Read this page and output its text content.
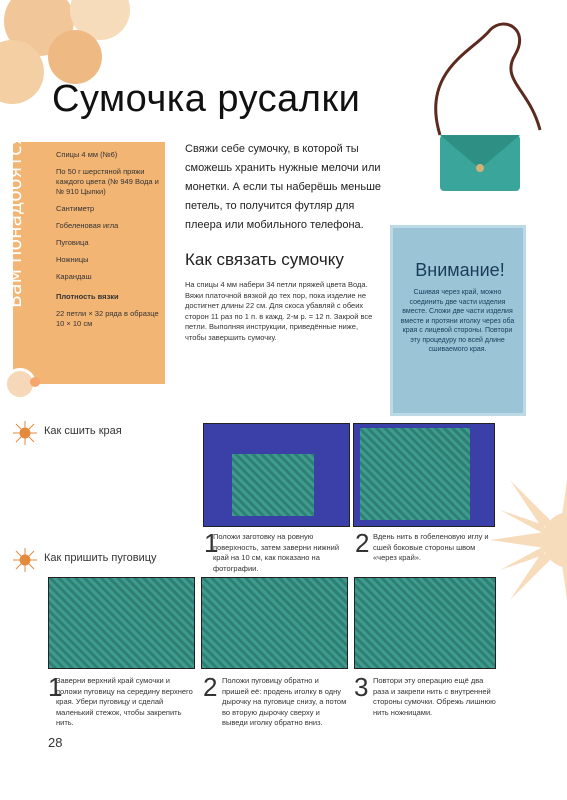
Сумочка русалки
Вам понадобятся	Спицы 4 мм (№6)
По 50 г шерстяной пряжи каждого цвета (№ 949 Вода и № 910 Цыпки)
Сантиметр
Гобеленовая игла
Пуговица
Ножницы
Карандаш
Плотность вязки
22 петли × 32 ряда в образце 10 × 10 см
Свяжи себе сумочку, в которой ты сможешь хранить нужные мелочи или монетки. А если ты наберёшь меньше петель, то получится футляр для плеера или мобильного телефона.
Как связать сумочку
На спицы 4 мм набери 34 петли пряжей цвета Вода. Вяжи платочной вязкой до тех пор, пока изделие не достигнет длины 22 см. Для скоса убавляй с обеих сторон 11 раз по 1 п. в кажд. 2-м р. = 12 п. Закрой все петли. Выполняя инструкции, приведённые ниже, чтобы завершить сумочку.
Внимание!
Сшивая через край, можно соединить две части изделия вместе. Сложи две части изделия вместе и протяни иголку через оба края с лицевой стороны. Повтори эту процедуру по всей длине сшиваемого края.
Как сшить края
1
Положи заготовку на ровную поверхность, затем заверни нижний край на 10 см, как показано на фотографии.
2 Вдень нить в гобеленовую иглу и сшей боковые стороны швом «через край».
Как пришить пуговицу
1
Заверни верхний край сумочки и положи пуговицу на середину верхнего края. Убери пуговицу и сделай маленький стежок, чтобы закрепить нить.
2 Положи пуговицу обратно и пришей её: продень иголку в одну дырочку на пуговице снизу, а потом во вторую дырочку сверху и выведи иголку обратно вниз.
3 Повтори эту операцию ещё два раза и закрепи нить с внутренней стороны сумочки. Обрежь лишнюю нить ножницами.
28
